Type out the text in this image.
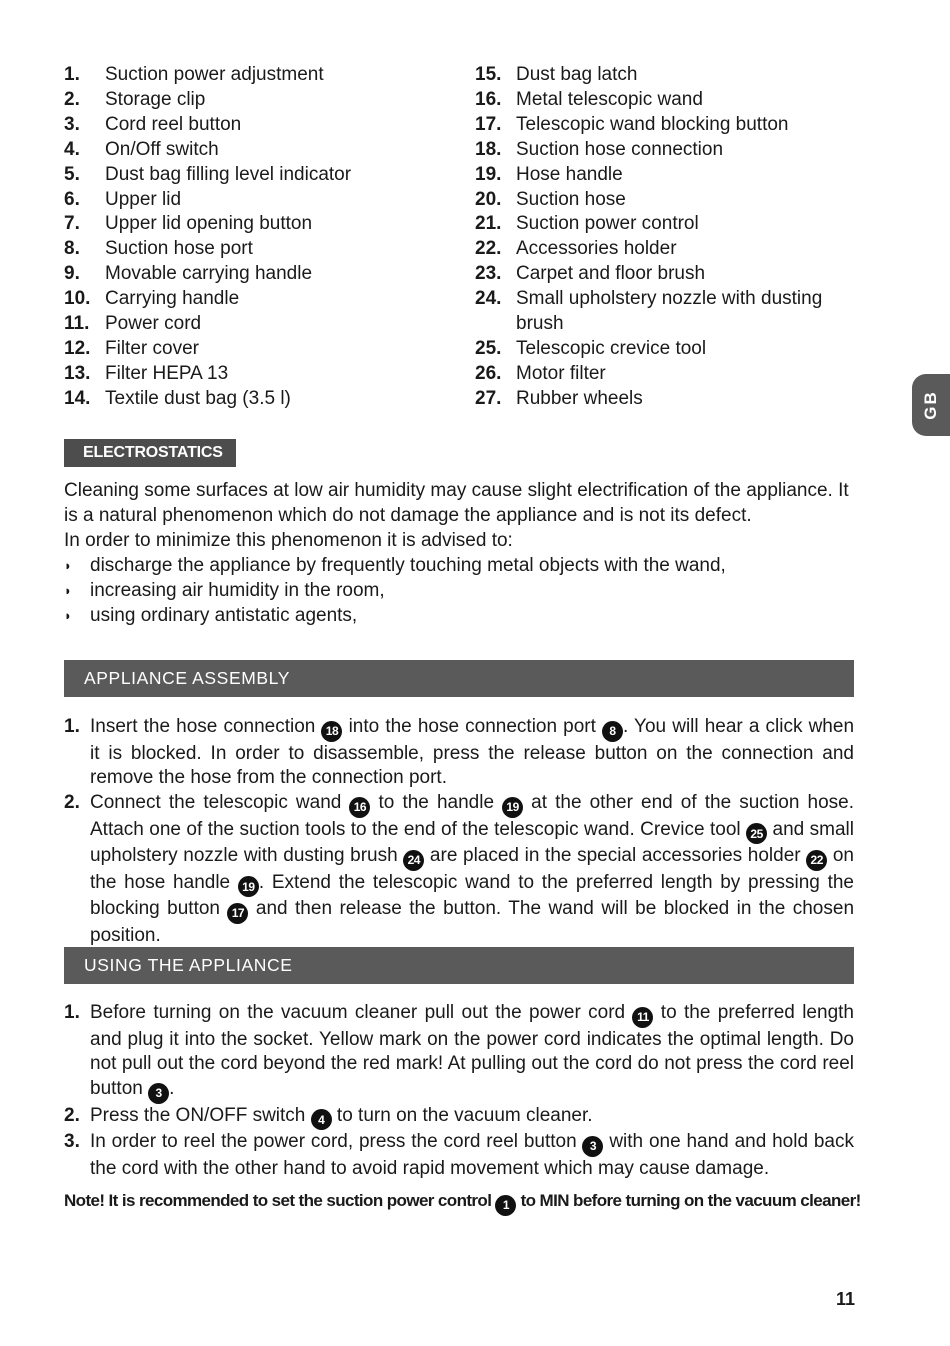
1.	Suction power adjustment
2.	Storage clip
3.	Cord reel button
4.	On/Off switch
5.	Dust bag filling level indicator
6.	Upper lid
7.	Upper lid opening button
8.	Suction hose port
9.	Movable carrying handle
10. Carrying handle
11. Power cord
12. Filter cover
13. Filter HEPA 13
14. Textile dust bag (3.5 l)
15. Dust bag latch
16. Metal telescopic wand
17. Telescopic wand blocking button
18. Suction hose connection
19. Hose handle
20. Suction hose
21. Suction power control
22. Accessories holder
23. Carpet and floor brush
24. Small upholstery nozzle with dusting brush
25. Telescopic crevice tool
26. Motor filter
27. Rubber wheels	GB
ELECTROSTATICS

Cleaning some surfaces at low air humidity may cause slight electrification of the appliance. It is a natural phenomenon which do not damage the appliance and is not its defect.

In order to minimize this phenomenon it is advised to:

◗ discharge the appliance by frequently touching metal objects with the wand,
◗ increasing air humidity in the room,
◗ using ordinary antistatic agents,
APPLIANCE ASSEMBLY
1. Insert the hose connection 18 into the hose connection port 8 . You will hear a click when it is blocked. In order to disassemble, press the release button on the connection and remove the hose from the connection port.
2. Connect the telescopic wand 16 to the handle 19 at the other end of the suction hose. Attach one of the suction tools to the end of the telescopic wand. Crevice tool 25 and small upholstery nozzle with dusting brush 24 are placed in the special accessories holder 22 on the hose handle 19 . Extend the telescopic wand to the preferred length by pressing the blocking button 17 and then release the button. The wand will be blocked in the chosen position.
USING THE APPLIANCE
1. Before turning on the vacuum cleaner pull out the power cord 11 to the preferred length and plug it into the socket. Yellow mark on the power cord indicates the optimal length. Do not pull out the cord beyond the red mark! At pulling out the cord do not press the cord reel button 3 .
2. Press the ON/OFF switch 4 to turn on the vacuum cleaner.
3. In order to reel the power cord, press the cord reel button 3 with one hand and hold back the cord with the other hand to avoid rapid movement which may cause damage.
Note! It is recommended to set the suction power control 1 to MIN before turning on the vacuum cleaner!
11
